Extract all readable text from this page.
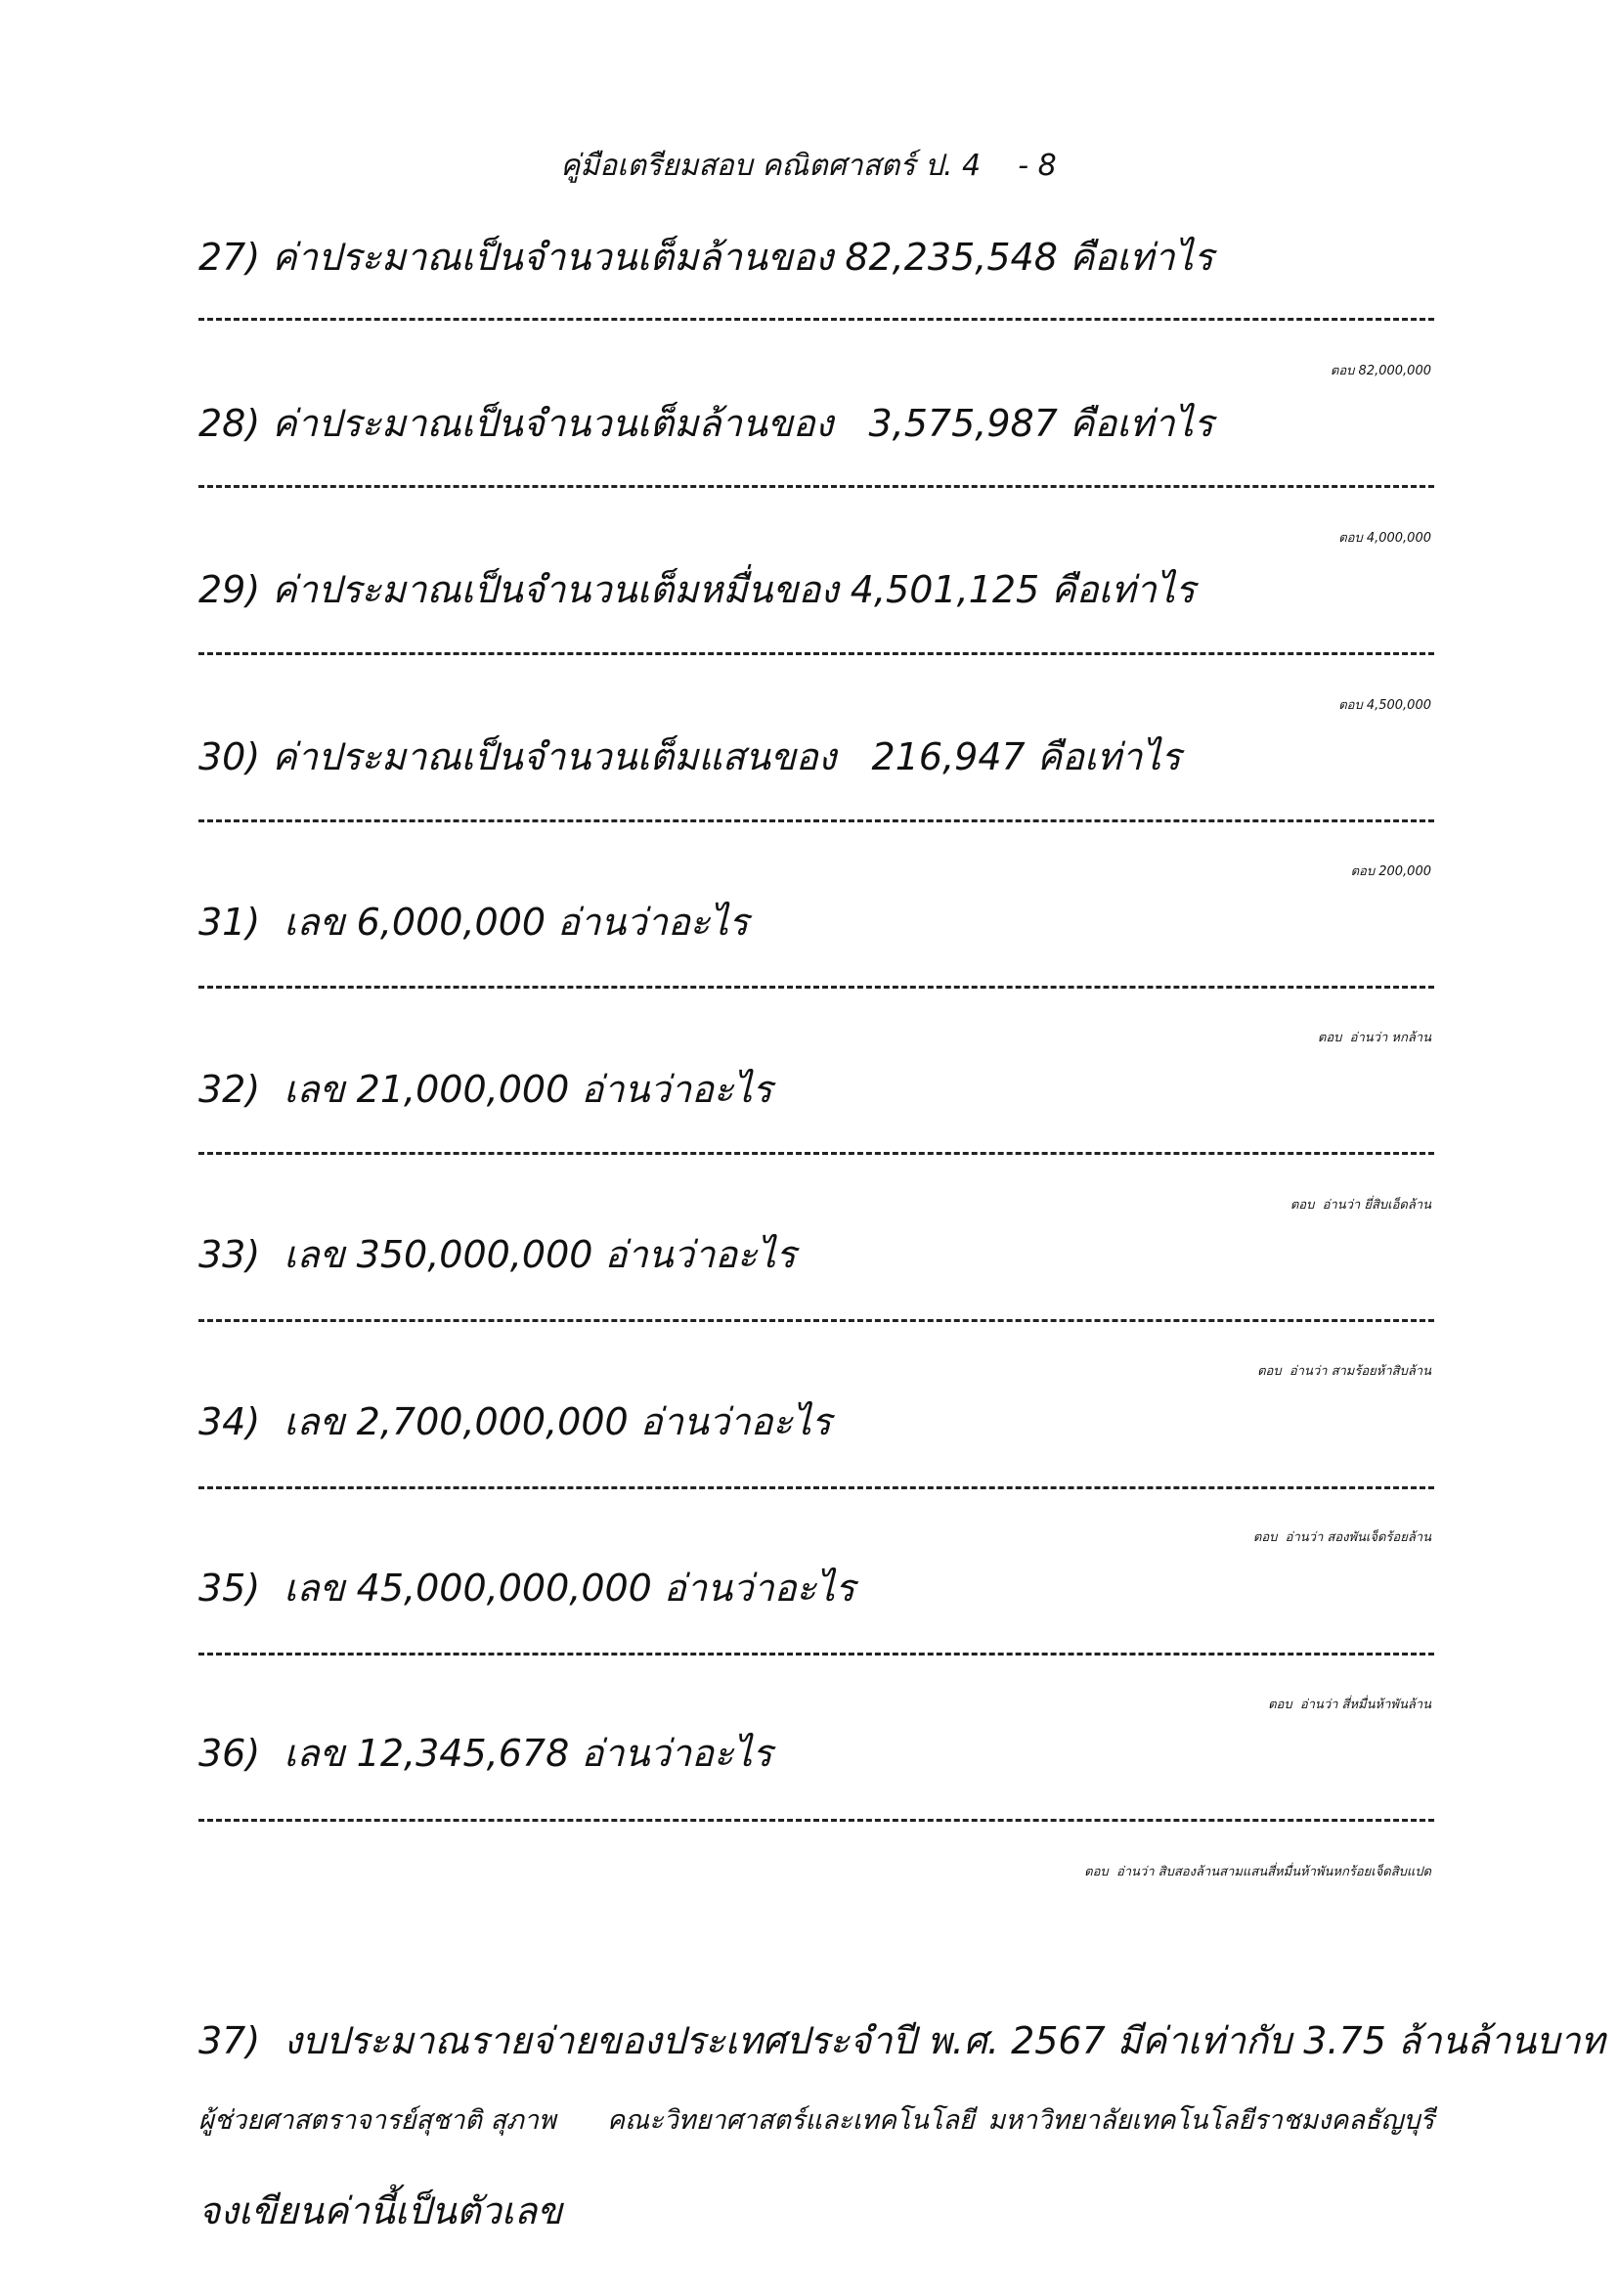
คู่มือเตรียมสอบ คณิตศาสตร์ ป. 4    - 8
27) ค่าประมาณเป็นจำนวนเต็มล้านของ 82,235,548 คือเท่าไร
ตอบ 82,000,000
28) ค่าประมาณเป็นจำนวนเต็มล้านของ   3,575,987 คือเท่าไร
ตอบ 4,000,000
29) ค่าประมาณเป็นจำนวนเต็มหมื่นของ 4,501,125 คือเท่าไร
ตอบ 4,500,000
30) ค่าประมาณเป็นจำนวนเต็มแสนของ   216,947 คือเท่าไร
ตอบ 200,000
31)  เลข 6,000,000 อ่านว่าอะไร
ตอบ  อ่านว่า หกล้าน
32)  เลข 21,000,000 อ่านว่าอะไร
ตอบ  อ่านว่า ยี่สิบเอ็ดล้าน
33)  เลข 350,000,000 อ่านว่าอะไร
ตอบ  อ่านว่า สามร้อยห้าสิบล้าน
34)  เลข 2,700,000,000 อ่านว่าอะไร
ตอบ  อ่านว่า สองพันเจ็ดร้อยล้าน
35)  เลข 45,000,000,000 อ่านว่าอะไร
ตอบ  อ่านว่า สี่หมื่นห้าพันล้าน
36)  เลข 12,345,678 อ่านว่าอะไร
ตอบ  อ่านว่า สิบสองล้านสามแสนสี่หมื่นห้าพันหกร้อยเจ็ดสิบแปด

37)  งบประมาณรายจ่ายของประเทศประจำปี พ.ศ. 2567 มีค่าเท่ากับ 3.75 ล้านล้านบาท

จงเขียนค่านี้เป็นตัวเลข

ผู้ช่วยศาสตราจารย์สุชาติ สุภาพ คณะวิทยาศาสตร์และเทคโนโลยี มหาวิทยาลัยเทคโนโลยีราชมงคลธัญบุรี
